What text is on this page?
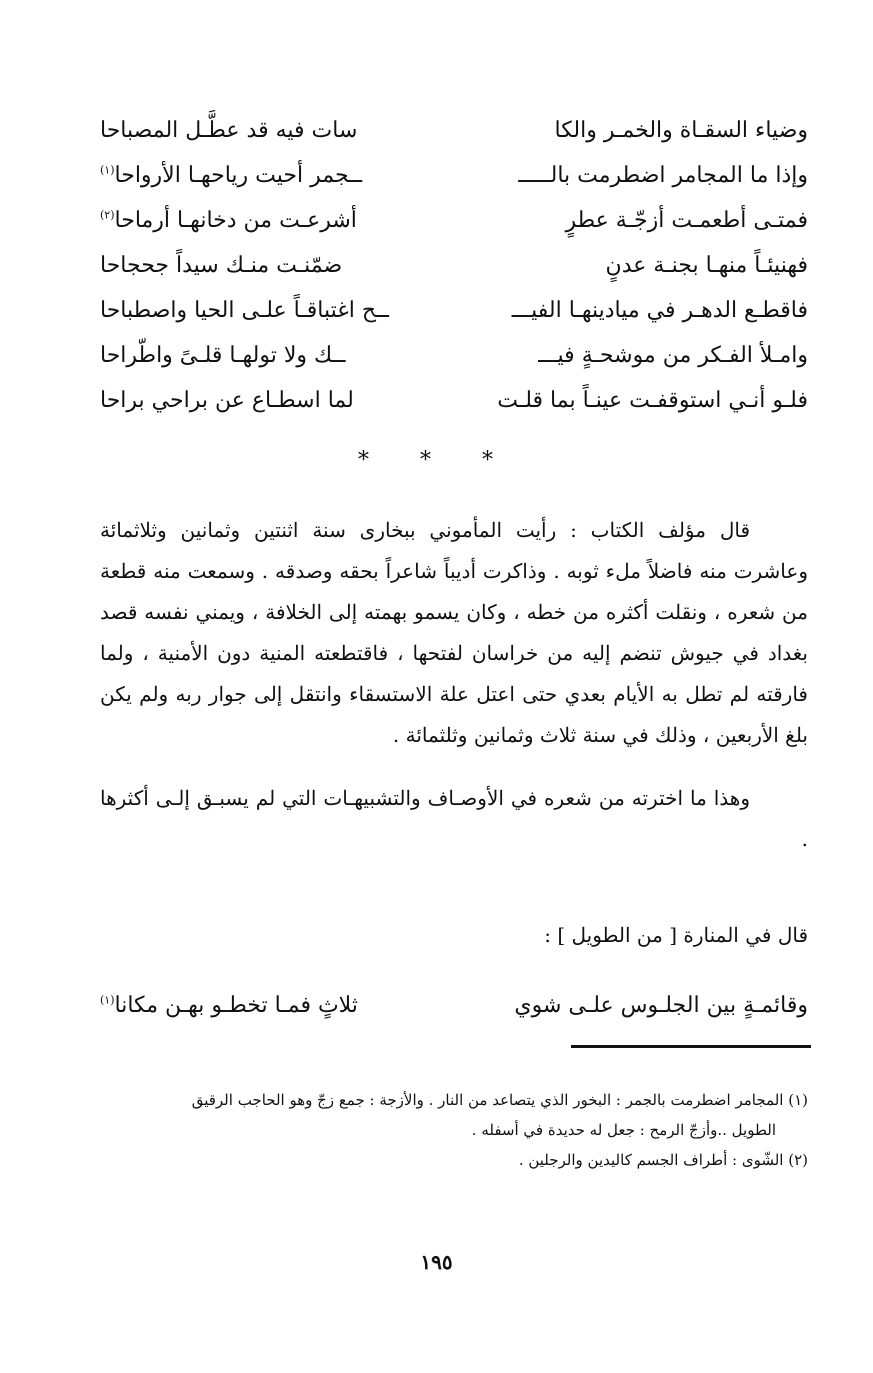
وضياء السقـاة والخمـر والكا
سات فيه قد عطَّـل المصباحا
وإذا ما المجامر اضطرمت بالـــــ
ــجمر أحيت رياحهـا الأرواحا$^{(١)}$
فمتـى أطعمـت أزجّـة عطرٍ
أشرعـت من دخانهـا أرماحا$^{(٢)}$
فهنيئـاً منهـا بجنـة عدنٍ
ضمّنـت منـك سيداً جحجاحا
فاقطـع الدهـر في ميادينهـا الفيـــ
ــح اغتباقـاً علـى الحيا واصطباحا
وامـلأ الفـكر من موشحـةٍ فيـــ
ــك ولا تولهـا قلـىً واطّراحا
فلـو أنـي استوقفـت عينـاً بما قلـت
لما اسطـاع عن براحي براحا
* * *

قال مؤلف الكتاب : رأيت المأموني ببخارى سنة اثنتين وثمانين وثلاثمائة وعاشرت منه فاضلاً ملء ثوبه . وذاكرت أديباً شاعراً بحقه وصدقه . وسمعت منه قطعة من شعره ، ونقلت أكثره من خطه ، وكان يسمو بهمته إلى الخلافة ، ويمني نفسه قصد بغداد في جيوش تنضم إليه من خراسان لفتحها ، فاقتطعته المنية دون الأمنية ، ولما فارقته لم تطل به الأيام بعدي حتى اعتل علة الاستسقاء وانتقل إلى جوار ربه ولم يكن بلغ الأربعين ، وذلك في سنة ثلاث وثمانين وثلثمائة .

وهذا ما اخترته من شعره في الأوصـاف والتشبيهـات التي لم يسبـق إلـى أكثرها .

قال في المنارة [ من الطويل ] :
وقائمـةٍ بين الجلـوس علـى شوي
ثلاثٍ فمـا تخطـو بهـن مكانا$^{(١)}$

(١) المجامر اضطرمت بالجمر : البخور الذي يتصاعد من النار . والأزجة : جمع زجّ وهو الحاجب الرقيق

الطويل ..وأزجّ الرمح : جعل له حديدة في أسفله .

(٢) الشّوى : أطراف الجسم كاليدين والرجلين .

١٩٥
